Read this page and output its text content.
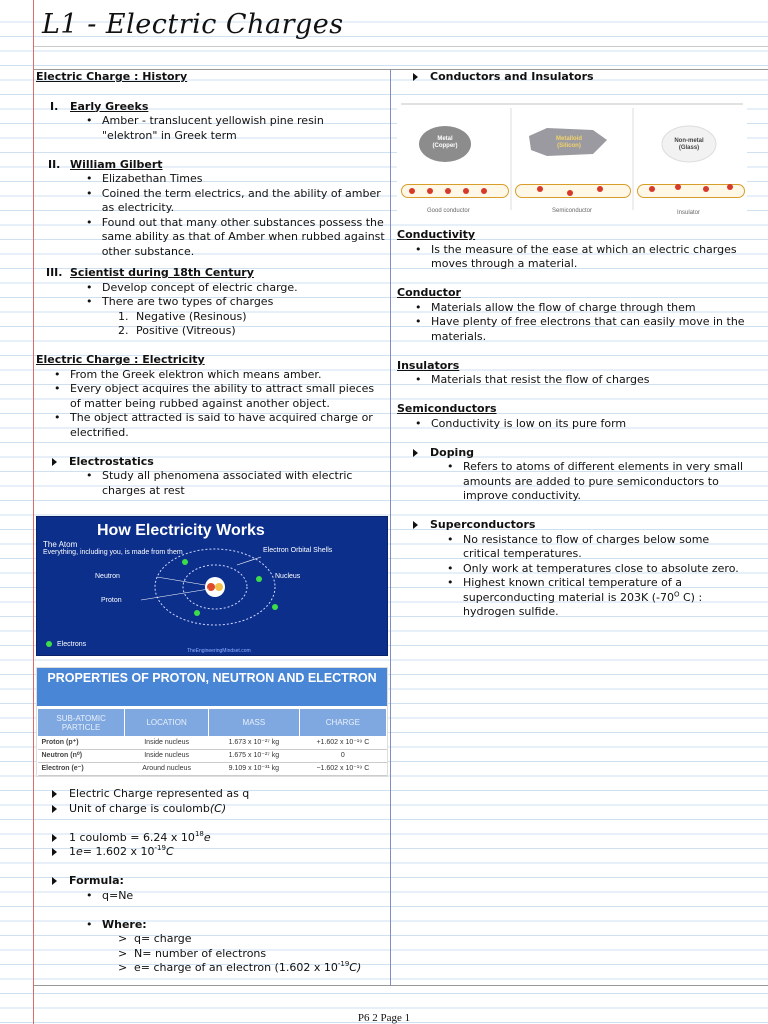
L1 - Electric Charges
Electric Charge : History
I.	Early Greeks
• Amber - translucent yellowish pine resin
"elektron" in Greek term
II. William Gilbert
• Elizabethan Times
• Coined the term electrics, and the ability of amber as electricity.
• Found out that many other substances possess the same ability as that of Amber when rubbed against other substance.
III. Scientist during 18th Century
• Develop concept of electric charge.
• There are two types of charges
1. Negative (Resinous)
2. Positive (Vitreous)
Electric Charge : Electricity
• From the Greek elektron which means amber.
• Every object acquires the ability to attract small pieces of matter being rubbed against another object.
• The object attracted is said to have acquired charge or electrified.
Electrostatics
• Study all phenomena associated with electric charges at rest
How Electricity Works
The Atom
Everything, including you, is made from them	Electron Orbital Shells
Neutron	Nucleus
Proton
Electrons
TheEngineeringMindset.com
PROPERTIES OF PROTON, NEUTRON AND ELECTRON
SUB-ATOMIC PARTICLE	LOCATION	MASS	CHARGE
Proton (p⁺)	Inside nucleus	1.673 x 10⁻²⁷ kg	+1.602 x 10⁻¹⁹ C
Neutron (n⁰)	Inside nucleus	1.675 x 10⁻²⁷ kg	0
Electron (e⁻)	Around nucleus	9.109 x 10⁻³¹ kg	−1.602 x 10⁻¹⁹ C
Electric Charge represented as q
Unit of charge is coulomb (C)
1 coulomb = 6.24 x 10 18 e
1 e = 1.602 x 10 -19 C
Formula:
• q=Ne
• Where:
> q= charge
> N= number of electrons
> e= charge of an electron (1.602 x 10 -19 C)
Conductors and Insulators
Metal (Copper)
Metalloid (Silicon)
Non-metal (Glass)
Good conductor	Semiconductor	Insulator
Conductivity
• Is the measure of the ease at which an electric charges moves through a material.
Conductor
• Materials allow the flow of charge through them
• Have plenty of free electrons that can easily move in the materials.
Insulators
• Materials that resist the flow of charges
Semiconductors
• Conductivity is low on its pure form
Doping
• Refers to atoms of different elements in very small amounts are added to pure semiconductors to improve conductivity.
Superconductors
• No resistance to flow of charges below some critical temperatures.
• Only work at temperatures close to absolute zero.
• Highest known critical temperature of a superconducting material is 203K ($-70^O$ C) : hydrogen sulfide.
P6 2 Page 1
